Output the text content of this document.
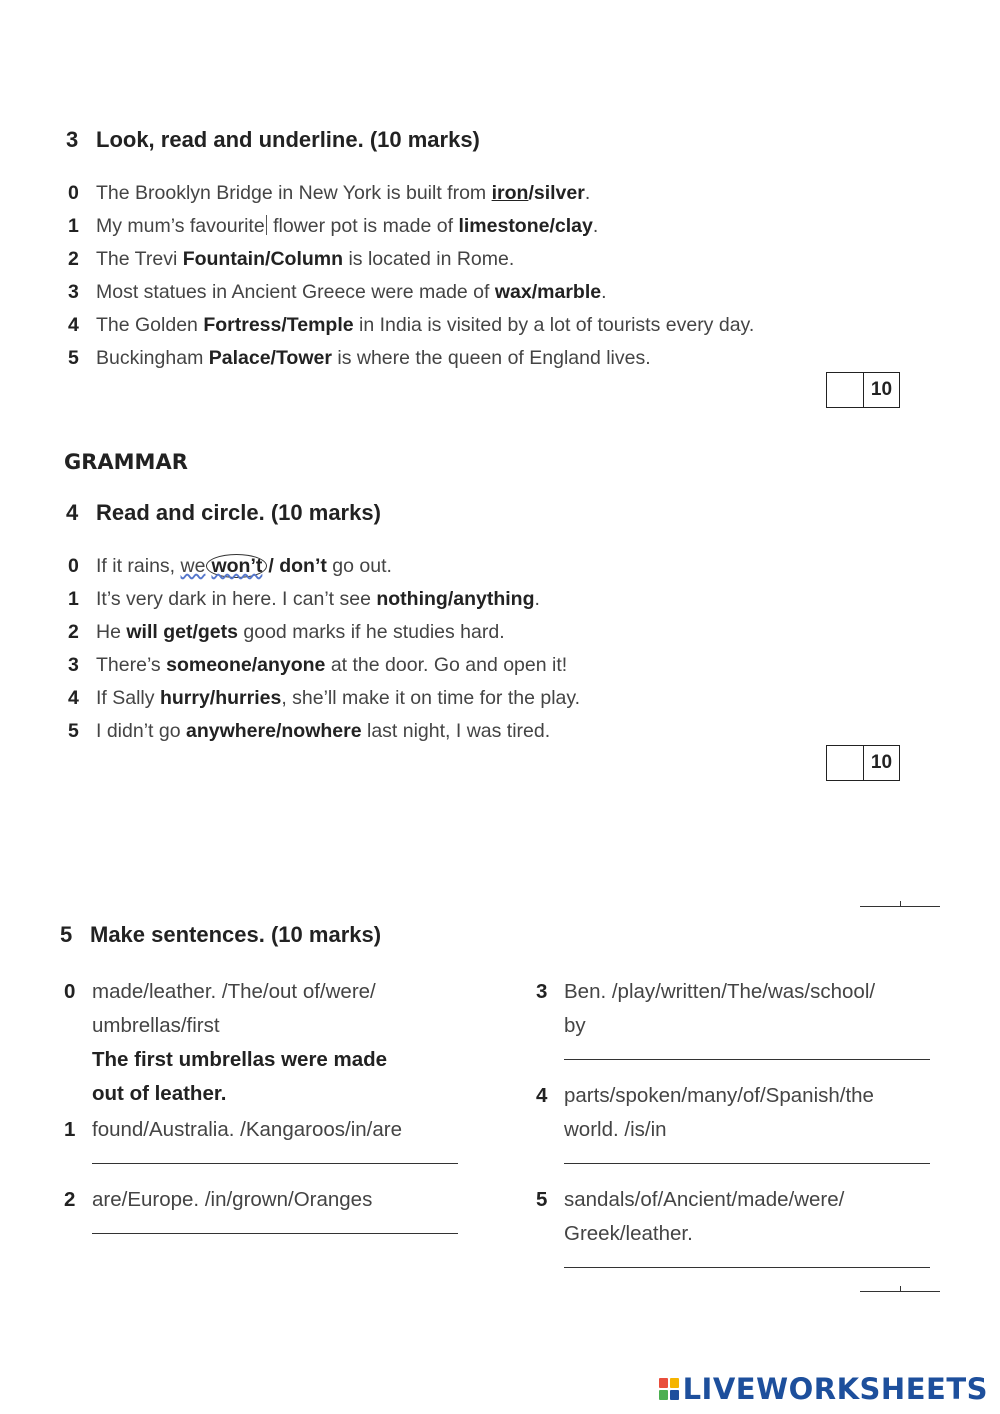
3 Look, read and underline. (10 marks)
0 The Brooklyn Bridge in New York is built from iron/silver.
1 My mum’s favourite flower pot is made of limestone/clay.
2 The Trevi Fountain/Column is located in Rome.
3 Most statues in Ancient Greece were made of wax/marble.
4 The Golden Fortress/Temple in India is visited by a lot of tourists every day.
5 Buckingham Palace/Tower is where the queen of England lives.
10
GRAMMAR
4 Read and circle. (10 marks)
0 If it rains, we won’t / don’t go out.
1 It’s very dark in here. I can’t see nothing/anything.
2 He will get/gets good marks if he studies hard.
3 There’s someone/anyone at the door. Go and open it!
4 If Sally hurry/hurries, she’ll make it on time for the play.
5 I didn’t go anywhere/nowhere last night, I was tired.
10
5 Make sentences. (10 marks)
0 made/leather. /The/out of/were/
umbrellas/first
The first umbrellas were made
out of leather.
1 found/Australia. /Kangaroos/in/are
2 are/Europe. /in/grown/Oranges
3 Ben. /play/written/The/was/school/
by
4 parts/spoken/many/of/Spanish/the
world. /is/in
5 sandals/of/Ancient/made/were/
Greek/leather.
LIVEWORKSHEETS
